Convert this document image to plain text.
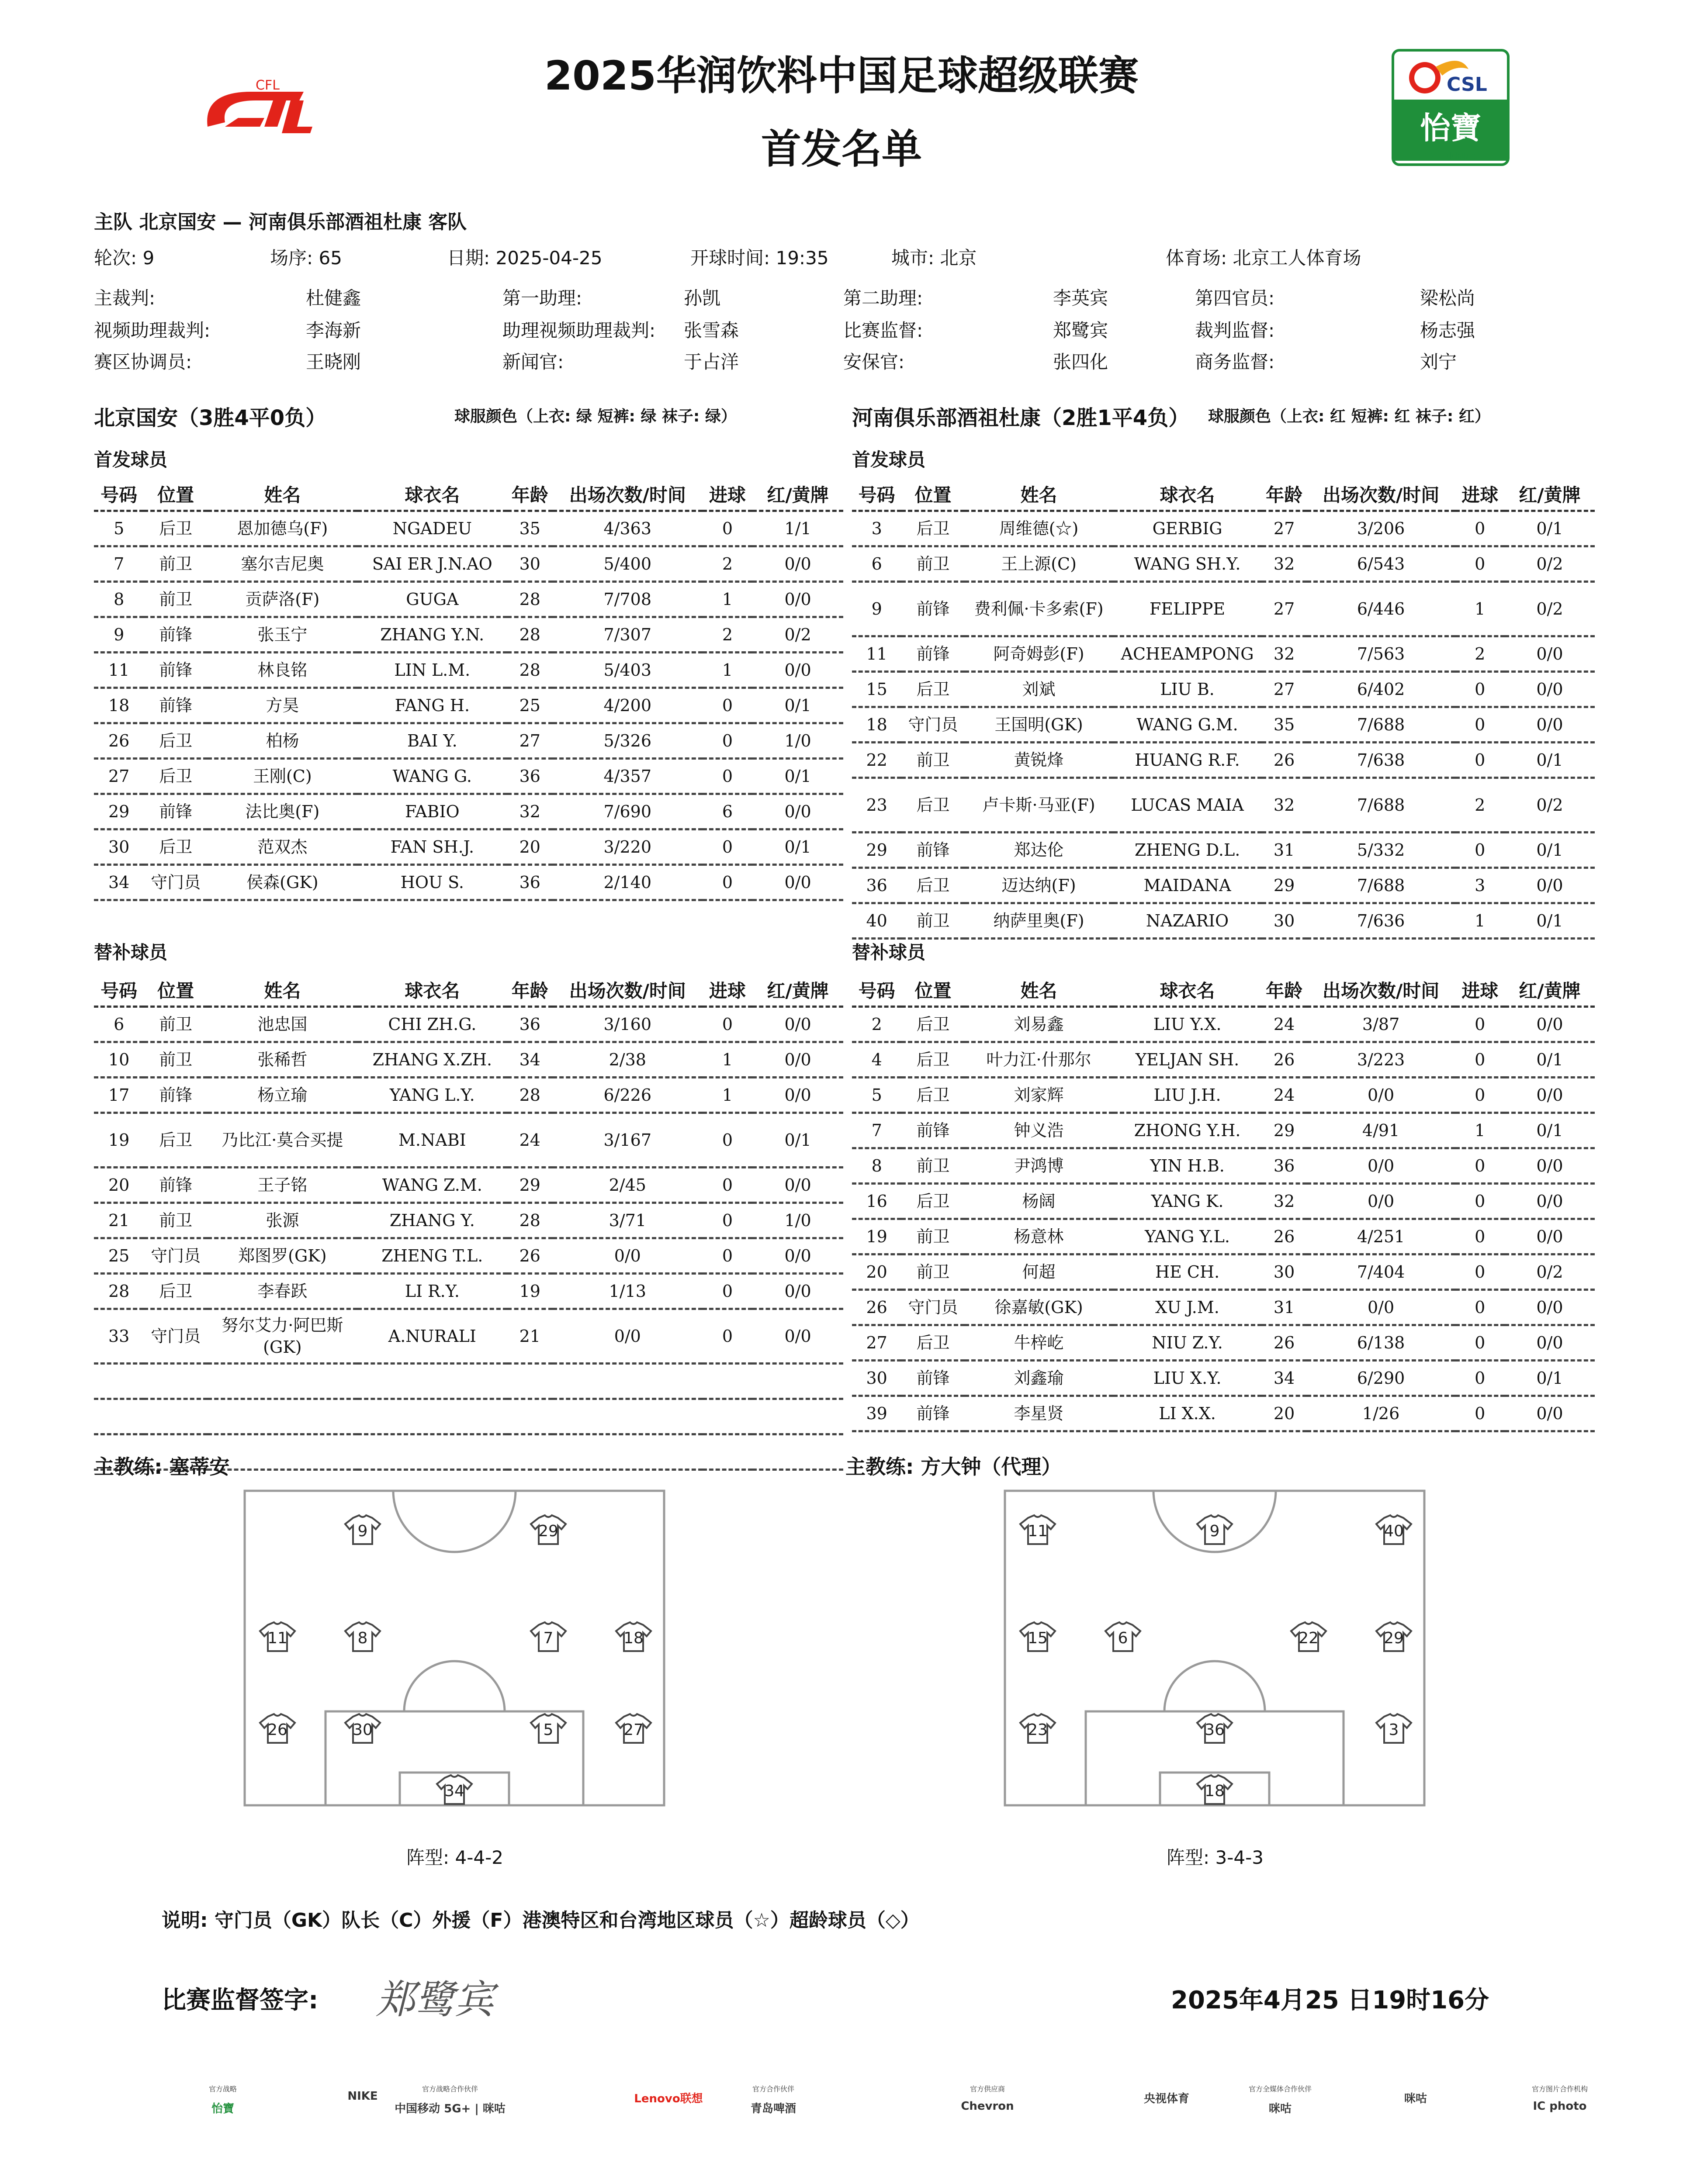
2025华润饮料中国足球超级联赛
首发名单
CFL	CSL
怡寶
2025 中超联赛
主队 北京国安 — 河南俱乐部酒祖杜康 客队
轮次: 9	场序: 65	日期: 2025-04-25	开球时间: 19:35	城市: 北京	体育场: 北京工人体育场
主裁判:	杜健鑫	第一助理:	孙凯	第二助理:	李英宾	第四官员:	梁松尚
视频助理裁判:	李海新	助理视频助理裁判: 张雪森	比赛监督:	郑鹭宾	裁判监督:	杨志强
赛区协调员:	王晓刚	新闻官:	于占洋	安保官:	张四化	商务监督:	刘宁
北京国安（3胜4平0负）	球服颜色（上衣: 绿 短裤: 绿 袜子: 绿）	河南俱乐部酒祖杜康（2胜1平4负） 球服颜色（上衣: 红 短裤: 红 袜子: 红）
首发球员	首发球员
号码	位置	姓名	球衣名	年龄	出场次数/时间	进球	红/黄牌
5	后卫	恩加德乌(F)	NGADEU	35	4/363	0	1/1
7	前卫	塞尔吉尼奥	SAI ER J.N.AO	30	5/400	2	0/0
8	前卫	贡萨洛(F)	GUGA	28	7/708	1	0/0
9	前锋	张玉宁	ZHANG Y.N.	28	7/307	2	0/2
11	前锋	林良铭	LIN L.M.	28	5/403	1	0/0
18	前锋	方昊	FANG H.	25	4/200	0	0/1
26	后卫	柏杨	BAI Y.	27	5/326	0	1/0
27	后卫	王刚(C)	WANG G.	36	4/357	0	0/1
29	前锋	法比奥(F)	FABIO	32	7/690	6	0/0
30	后卫	范双杰	FAN SH.J.	20	3/220	0	0/1
34	守门员	侯森(GK)	HOU S.	36	2/140	0	0/0
号码	位置	姓名	球衣名	年龄	出场次数/时间	进球	红/黄牌
3	后卫	周维德(☆)	GERBIG	27	3/206	0	0/1
6	前卫	王上源(C)	WANG SH.Y.	32	6/543	0	0/2
9	前锋	费利佩·卡多索(F)	FELIPPE	27	6/446	1	0/2
11	前锋	阿奇姆彭(F)	ACHEAMPONG	32	7/563	2	0/0
15	后卫	刘斌	LIU B.	27	6/402	0	0/0
18	守门员	王国明(GK)	WANG G.M.	35	7/688	0	0/0
22	前卫	黄锐烽	HUANG R.F.	26	7/638	0	0/1
23	后卫	卢卡斯·马亚(F)	LUCAS MAIA	32	7/688	2	0/2
29	前锋	郑达伦	ZHENG D.L.	31	5/332	0	0/1
36	后卫	迈达纳(F)	MAIDANA	29	7/688	3	0/0
40	前卫	纳萨里奥(F)	NAZARIO	30	7/636	1	0/1
替补球员	替补球员
号码	位置	姓名	球衣名	年龄	出场次数/时间	进球	红/黄牌
6	前卫	池忠国	CHI ZH.G.	36	3/160	0	0/0
10	前卫	张稀哲	ZHANG X.ZH.	34	2/38	1	0/0
17	前锋	杨立瑜	YANG L.Y.	28	6/226	1	0/0
19	后卫	乃比江·莫合买提	M.NABI	24	3/167	0	0/1
20	前锋	王子铭	WANG Z.M.	29	2/45	0	0/0
21	前卫	张源	ZHANG Y.	28	3/71	0	1/0
25	守门员	郑图罗(GK)	ZHENG T.L.	26	0/0	0	0/0
28	后卫	李春跃	LI R.Y.	19	1/13	0	0/0
33	守门员	努尔艾力·阿巴斯(GK)	A.NURALI	21	0/0	0	0/0

号码	位置	姓名	球衣名	年龄	出场次数/时间	进球	红/黄牌
2	后卫	刘易鑫	LIU Y.X.	24	3/87	0	0/0
4	后卫	叶力江·什那尔	YELJAN SH.	26	3/223	0	0/1
5	后卫	刘家辉	LIU J.H.	24	0/0	0	0/0
7	前锋	钟义浩	ZHONG Y.H.	29	4/91	1	0/1
8	前卫	尹鸿博	YIN H.B.	36	0/0	0	0/0
16	后卫	杨阔	YANG K.	32	0/0	0	0/0
19	前卫	杨意林	YANG Y.L.	26	4/251	0	0/0
20	前卫	何超	HE CH.	30	7/404	0	0/2
26	守门员	徐嘉敏(GK)	XU J.M.	31	0/0	0	0/0
27	后卫	牛梓屹	NIU Z.Y.	26	6/138	0	0/0
30	前锋	刘鑫瑜	LIU X.Y.	34	6/290	0	0/1
39	前锋	李星贤	LI X.X.	20	1/26	0	0/0
主教练: 塞蒂安	主教练: 方大钟（代理）
9	29
11	8	7	18
26	30	5	27
34
11	9	40
15	6	22	29
23	36	3
18
阵型: 4-4-2	阵型: 3-4-3
说明: 守门员（GK）队长（C）外援（F）港澳特区和台湾地区球员（☆）超龄球员（◇）
比赛监督签字: 郑鹭宾	2025年4月25 日19时16分
官方战略
怡寶
NIKE
官方战略合作伙伴
中国移动 5G+ | 咪咕
Lenovo联想
官方合作伙伴
青岛啤酒
官方供应商
Chevron
央视体育
官方全媒体合作伙伴
咪咕
咪咕
官方图片合作机构
IC photo
